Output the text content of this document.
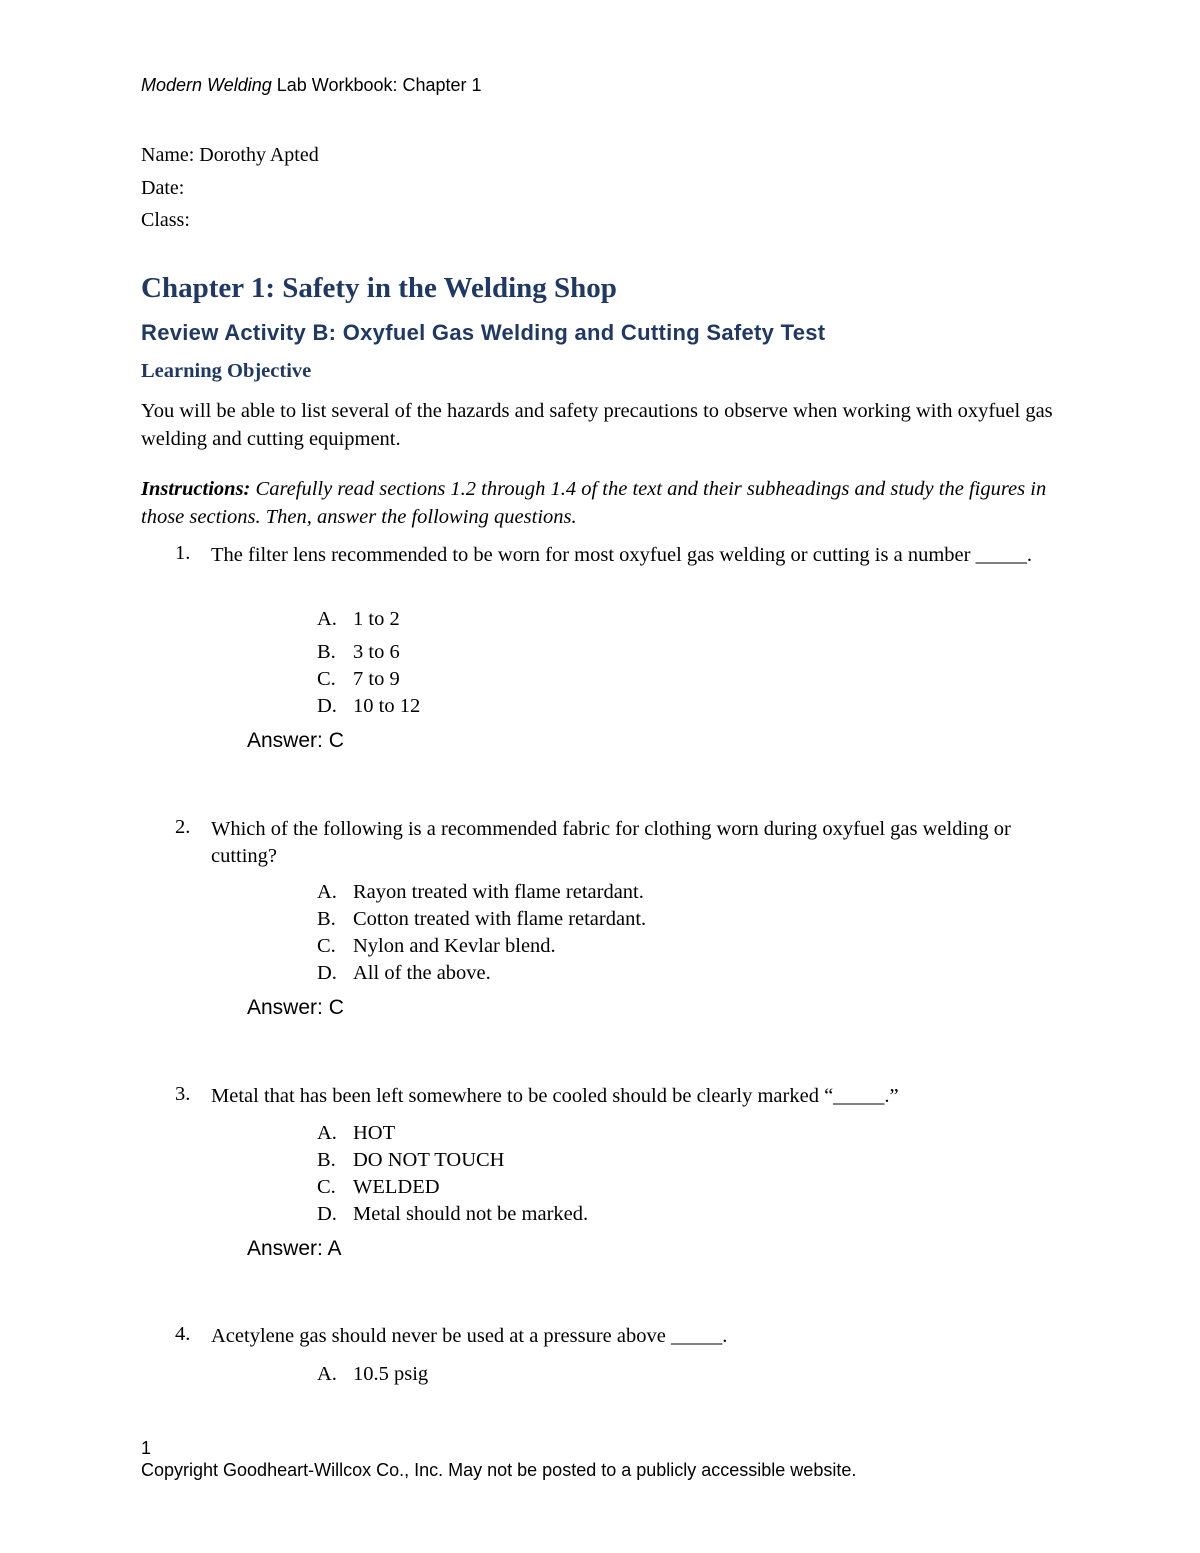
Modern Welding Lab Workbook: Chapter 1
Name: Dorothy Apted
Date:
Class:
Chapter 1: Safety in the Welding Shop
Review Activity B: Oxyfuel Gas Welding and Cutting Safety Test
Learning Objective
You will be able to list several of the hazards and safety precautions to observe when working with oxyfuel gas welding and cutting equipment.
Instructions: Carefully read sections 1.2 through 1.4 of the text and their subheadings and study the figures in those sections. Then, answer the following questions.
1. The filter lens recommended to be worn for most oxyfuel gas welding or cutting is a number _____.
A. 1 to 2
B. 3 to 6
C. 7 to 9
D. 10 to 12
Answer: C
2. Which of the following is a recommended fabric for clothing worn during oxyfuel gas welding or cutting?
A. Rayon treated with flame retardant.
B. Cotton treated with flame retardant.
C. Nylon and Kevlar blend.
D. All of the above.
Answer: C
3. Metal that has been left somewhere to be cooled should be clearly marked “_____.”
A. HOT
B. DO NOT TOUCH
C. WELDED
D. Metal should not be marked.
Answer: A
4. Acetylene gas should never be used at a pressure above _____.
A. 10.5 psig
1
Copyright Goodheart-Willcox Co., Inc. May not be posted to a publicly accessible website.
